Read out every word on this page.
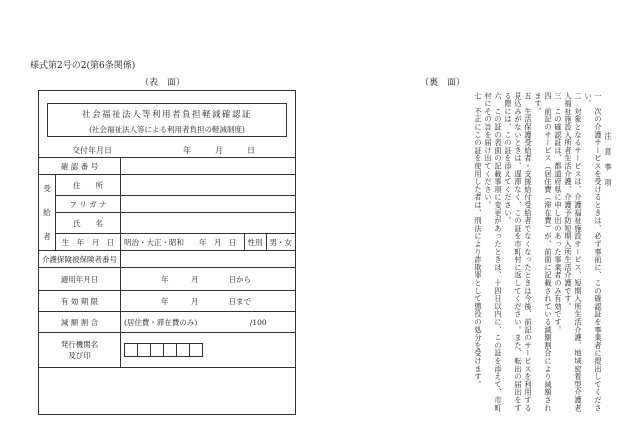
様式第2号の2(第6条関係)
（表　面）	（裏　面）
社会福祉法人等利用者負担軽減確認証
(社会福祉法人等による利用者負担の軽減制度)
交付年月日	年	月	日
確 認 番 号				
受

給

者	住　　所			
	フ リ ガ ナ			
	氏　　名			
	生　年　月　日	明治・大正・昭和　　年　月　日	性別	男・女
介護保険被保険者番号				
適用年月日		年　　　月　　　　日から		
有 効 期 限		年　　　月　　　　日まで		
減 額 割 合		(居住費・滞在費のみ)　　　　　　　/100		
発行機関名
及び印				

注　意　事　項

一　次の介護サービスを受けるときは、必ず事前に、この確認証を事業者に提出してください。

二　対象となるサービスは、介護福祉施設サービス、短期入所生活介護、地域密着型介護老人福祉施設入所者生活介護、介護予防短期入所生活介護です。

三　この確認証は、都道府県に申し出のあった事業者のみ有効です。

四　前記のサービス（居住費（滞在費）が、前面に記載されている減額割合により減額されます。

五　生活保護受給者・支援給付受給者でなくなったときは今後、前記のサービスを利用する見込みがないときは、遅滞なく、この証を市町村に返してください。また、転出の届出をする際には、この証を添えてください。

六　この証の表面の記載事項に変更があったときは、十四日以内に、この証を添えて、市町村にその旨を届け出てください。

七　不正にこの証を使用した者は、刑法により詐欺罪として懲役の処分を受けます。
